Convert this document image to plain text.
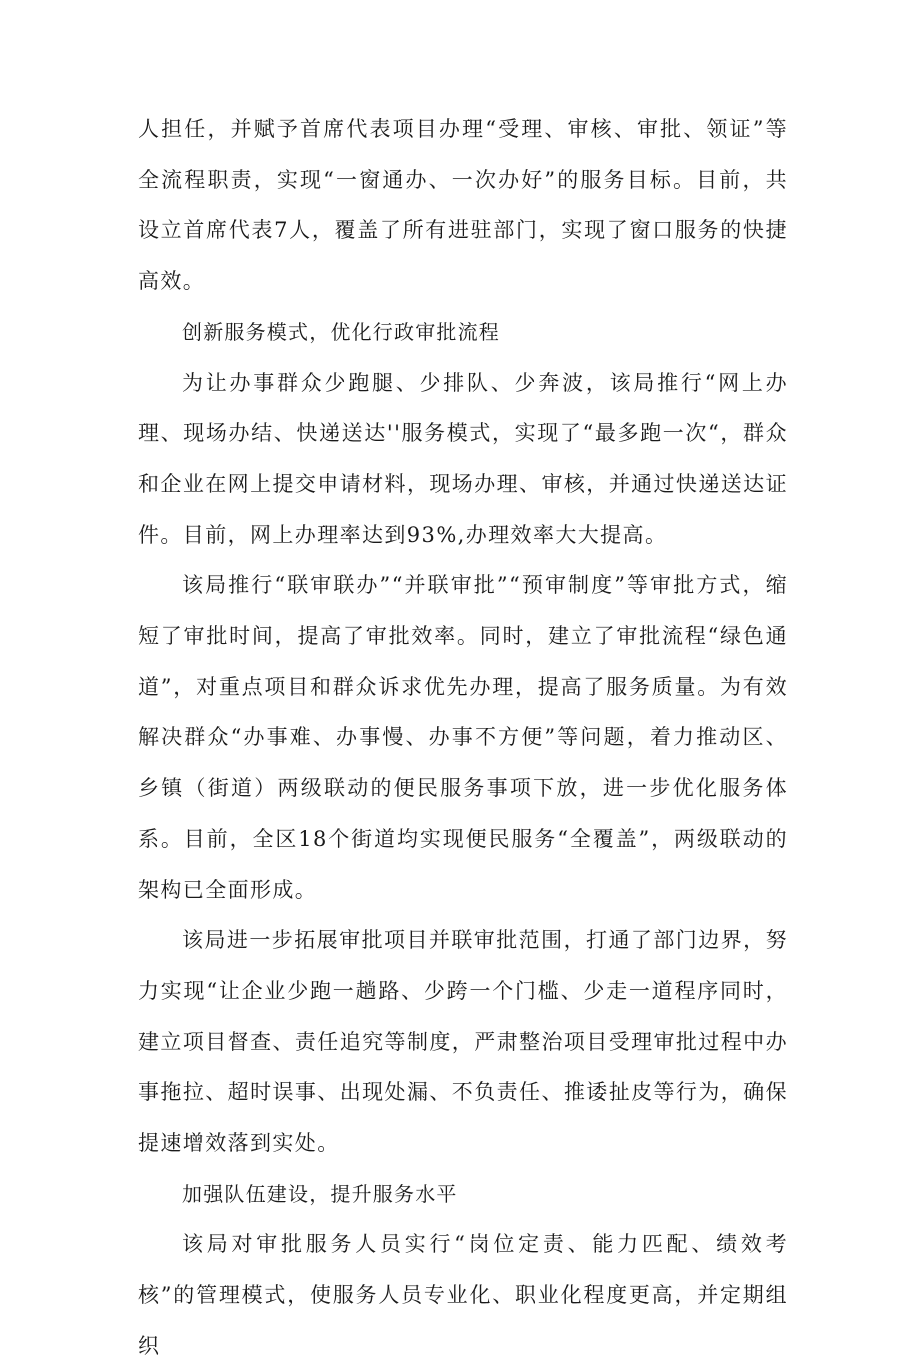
人担任，并赋予首席代表项目办理“受理、审核、审批、领证”等全流程职责，实现“一窗通办、一次办好”的服务目标。目前，共设立首席代表7人，覆盖了所有进驻部门，实现了窗口服务的快捷高效。

创新服务模式，优化行政审批流程

为让办事群众少跑腿、少排队、少奔波，该局推行“网上办理、现场办结、快递送达''服务模式，实现了“最多跑一次“，群众和企业在网上提交申请材料，现场办理、审核，并通过快递送达证件。目前，网上办理率达到93%,办理效率大大提高。

该局推行“联审联办”“并联审批”“预审制度”等审批方式，缩短了审批时间，提高了审批效率。同时，建立了审批流程“绿色通道”，对重点项目和群众诉求优先办理，提高了服务质量。为有效解决群众“办事难、办事慢、办事不方便”等问题，着力推动区、乡镇（街道）两级联动的便民服务事项下放，进一步优化服务体系。目前，全区18个街道均实现便民服务“全覆盖”，两级联动的架构已全面形成。

该局进一步拓展审批项目并联审批范围，打通了部门边界，努力实现“让企业少跑一趟路、少跨一个门槛、少走一道程序同时，建立项目督查、责任追究等制度，严肃整治项目受理审批过程中办事拖拉、超时误事、出现处漏、不负责任、推诿扯皮等行为，确保提速增效落到实处。

加强队伍建设，提升服务水平

该局对审批服务人员实行“岗位定责、能力匹配、绩效考核”的管理模式，使服务人员专业化、职业化程度更高，并定期组织
